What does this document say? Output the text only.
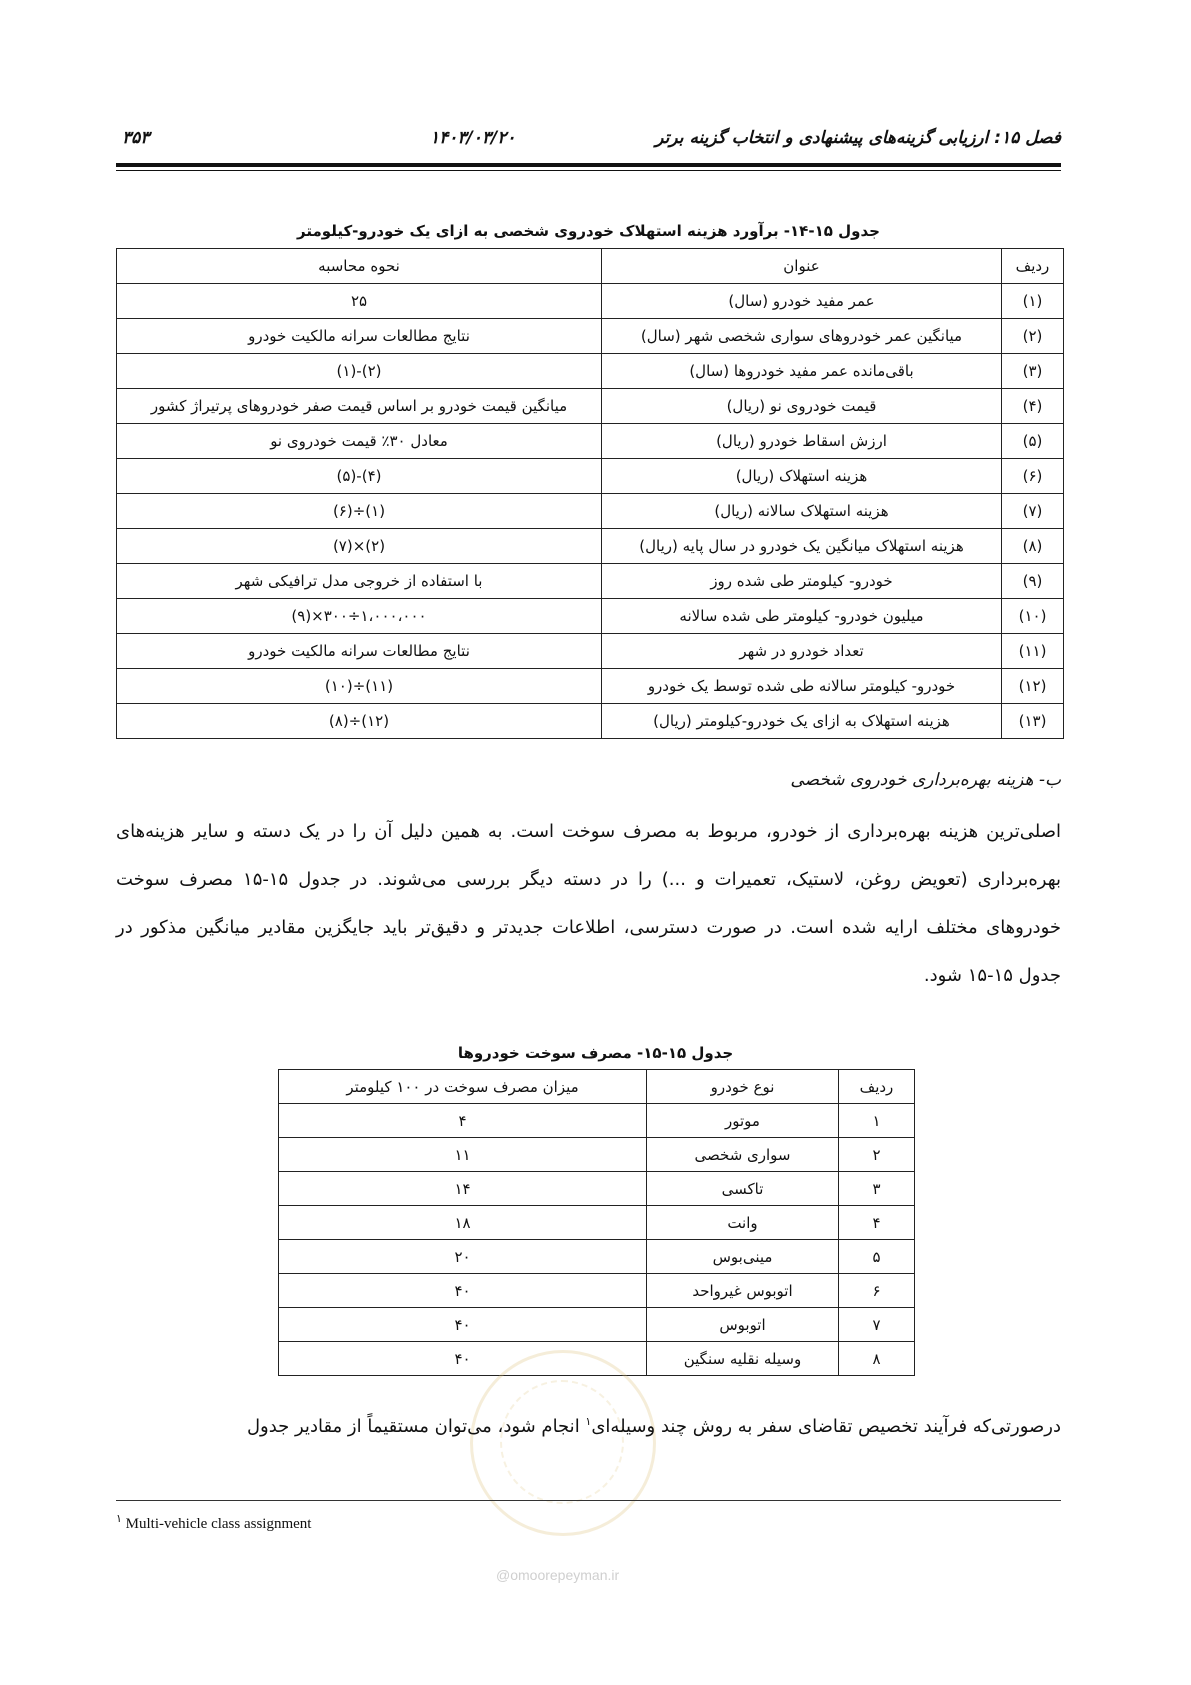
فصل ۱۵: ارزیابی گزینه‌های پیشنهادی و انتخاب گزینه برتر
۱۴۰۳/۰۳/۲۰
۳۵۳
جدول ۱۵-۱۴- برآورد هزینه استهلاک خودروی شخصی به ازای یک خودرو-کیلومتر
ردیف	عنوان	نحوه محاسبه
(۱)	عمر مفید خودرو (سال)	۲۵
(۲)	میانگین عمر خودروهای سواری شخصی شهر (سال)	نتایج مطالعات سرانه مالکیت خودرو
(۳)	باقی‌مانده عمر مفید خودروها (سال)	(۲)-(۱)
(۴)	قیمت خودروی نو (ریال)	میانگین قیمت خودرو بر اساس قیمت صفر خودروهای پرتیراژ کشور
(۵)	ارزش اسقاط خودرو (ریال)	معادل ۳۰٪ قیمت خودروی نو
(۶)	هزینه استهلاک (ریال)	(۴)-(۵)
(۷)	هزینه استهلاک سالانه (ریال)	(۱)÷(۶)
(۸)	هزینه استهلاک میانگین یک خودرو در سال پایه (ریال)	(۲)×(۷)
(۹)	خودرو- کیلومتر طی شده روز	با استفاده از خروجی مدل ترافیکی شهر
(۱۰)	میلیون خودرو- کیلومتر طی شده سالانه	۱،۰۰۰،۰۰۰÷۳۰۰×(۹)
(۱۱)	تعداد خودرو در شهر	نتایج مطالعات سرانه مالکیت خودرو
(۱۲)	خودرو- کیلومتر سالانه طی شده توسط یک خودرو	(۱۱)÷(۱۰)
(۱۳)	هزینه استهلاک به ازای یک خودرو-کیلومتر (ریال)	(۱۲)÷(۸)
ب- هزینه بهره‌برداری خودروی شخصی
اصلی‌ترین هزینه بهره‌برداری از خودرو، مربوط به مصرف سوخت است. به همین دلیل آن را در یک دسته و سایر هزینه‌های بهره‌برداری (تعویض روغن، لاستیک، تعمیرات و ...) را در دسته دیگر بررسی می‌شوند. در جدول ۱۵-۱۵ مصرف سوخت خودروهای مختلف ارایه شده است. در صورت دسترسی، اطلاعات جدیدتر و دقیق‌تر باید جایگزین مقادیر میانگین مذکور در جدول ۱۵-۱۵ شود.
جدول ۱۵-۱۵- مصرف سوخت خودروها
ردیف	نوع خودرو	میزان مصرف سوخت در ۱۰۰ کیلومتر
۱	موتور	۴
۲	سواری شخصی	۱۱
۳	تاکسی	۱۴
۴	وانت	۱۸
۵	مینی‌بوس	۲۰
۶	اتوبوس غیرواحد	۴۰
۷	اتوبوس	۴۰
۸	وسیله نقلیه سنگین	۴۰
درصورتی‌که فرآیند تخصیص تقاضای سفر به روش چند وسیله‌ای$^۱$ انجام شود، می‌توان مستقیماً از مقادیر جدول
$^۱$ Multi-vehicle class assignment
@omoorepeyman.ir
